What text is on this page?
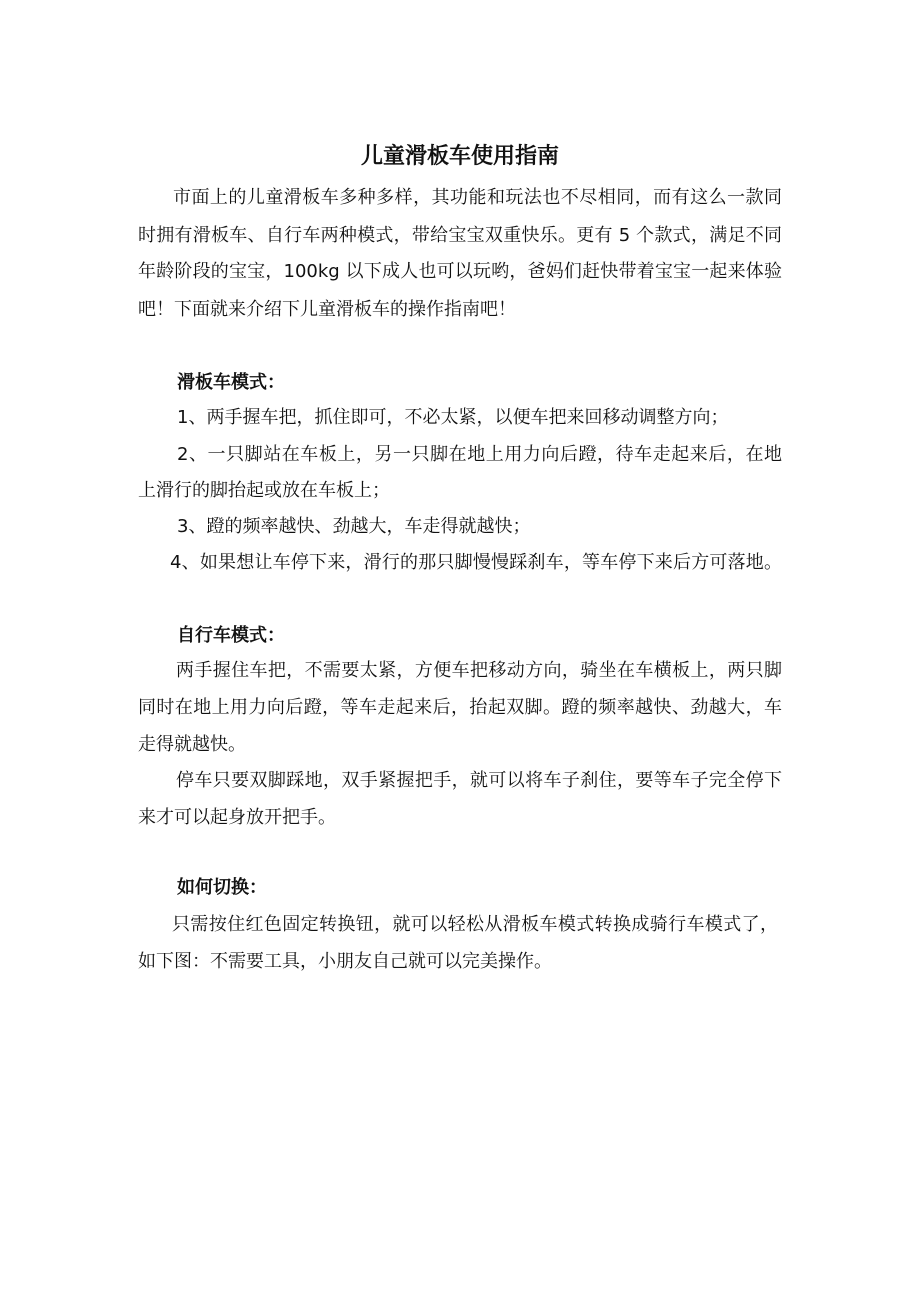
儿童滑板车使用指南
市面上的儿童滑板车多种多样，其功能和玩法也不尽相同，而有这么一款同
时拥有滑板车、自行车两种模式，带给宝宝双重快乐。更有 5 个款式，满足不同
年龄阶段的宝宝，100kg 以下成人也可以玩哟，爸妈们赶快带着宝宝一起来体验
吧！下面就来介绍下儿童滑板车的操作指南吧！
滑板车模式：
1、两手握车把，抓住即可，不必太紧，以便车把来回移动调整方向；
2、一只脚站在车板上，另一只脚在地上用力向后蹬，待车走起来后，在地
上滑行的脚抬起或放在车板上；
3、蹬的频率越快、劲越大，车走得就越快；
4、如果想让车停下来，滑行的那只脚慢慢踩刹车，等车停下来后方可落地。
自行车模式：
两手握住车把，不需要太紧，方便车把移动方向，骑坐在车横板上，两只脚
同时在地上用力向后蹬，等车走起来后，抬起双脚。蹬的频率越快、劲越大，车
走得就越快。
停车只要双脚踩地，双手紧握把手，就可以将车子刹住，要等车子完全停下
来才可以起身放开把手。
如何切换：
只需按住红色固定转换钮，就可以轻松从滑板车模式转换成骑行车模式了，
如下图：不需要工具，小朋友自己就可以完美操作。
